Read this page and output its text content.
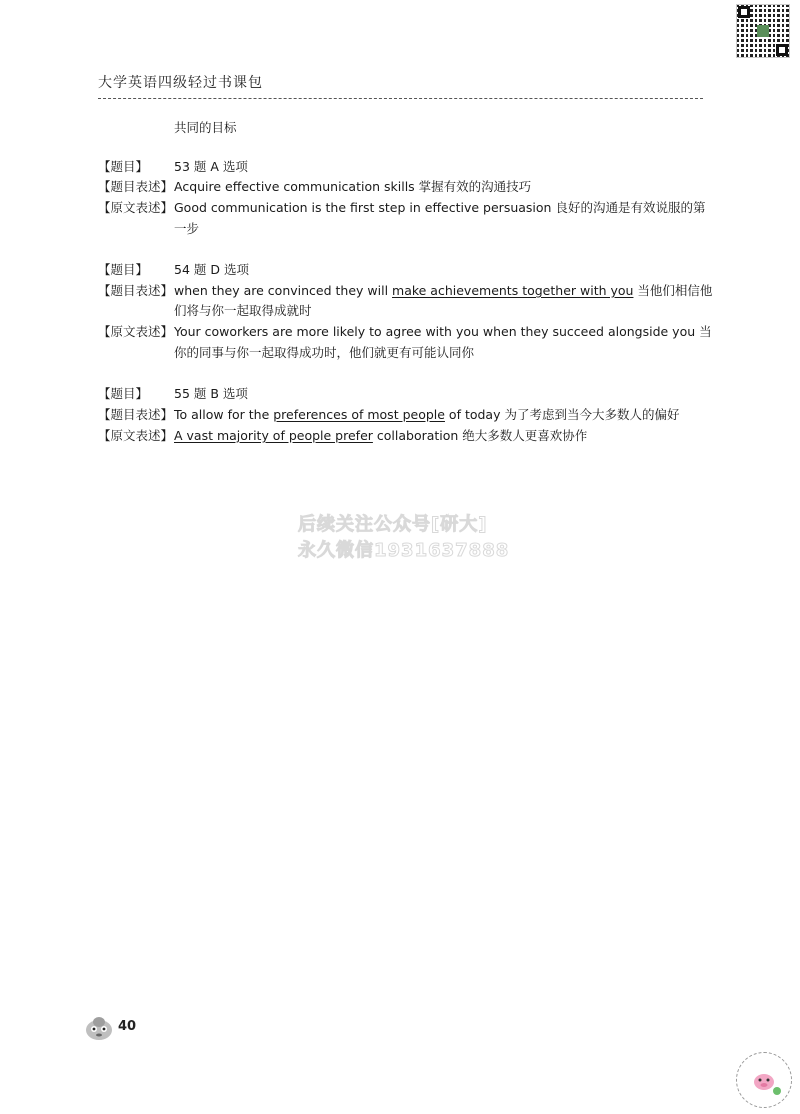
大学英语四级轻过书课包
共同的目标
【题目】 53 题 A 选项
【题目表述】Acquire effective communication skills 掌握有效的沟通技巧
【原文表述】Good communication is the first step in effective persuasion 良好的沟通是有效说服的第
一步
【题目】 54 题 D 选项
【题目表述】when they are convinced they will make achievements together with you 当他们相信他
们将与你一起取得成就时
【原文表述】Your coworkers are more likely to agree with you when they succeed alongside you 当
你的同事与你一起取得成功时，他们就更有可能认同你
【题目】 55 题 B 选项
【题目表述】To allow for the preferences of most people of today 为了考虑到当今大多数人的偏好
【原文表述】A vast majority of people prefer collaboration 绝大多数人更喜欢协作
后续关注公众号[研大]
永久微信1931637888
40
